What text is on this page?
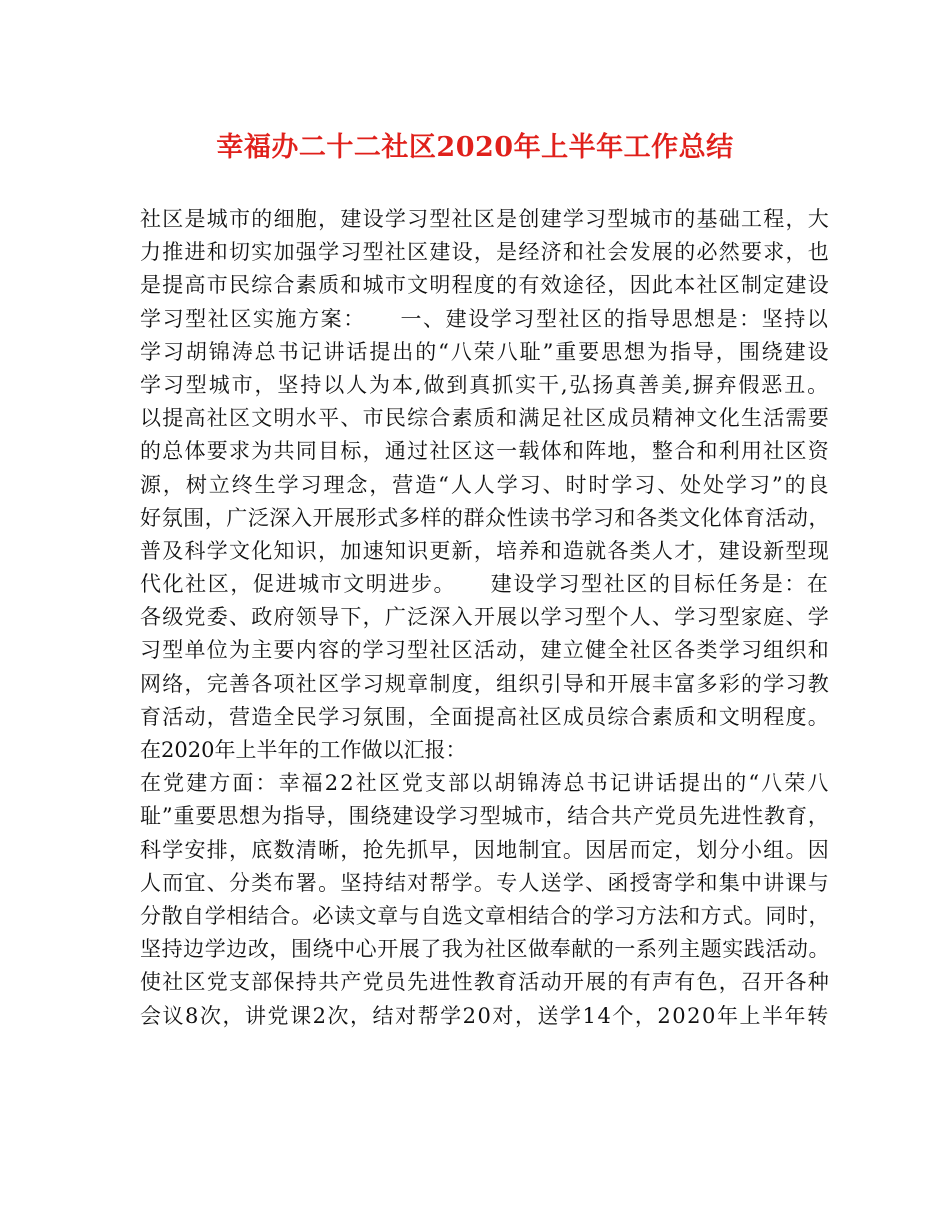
幸福办二十二社区2020年上半年工作总结
社区是城市的细胞，建设学习型社区是创建学习型城市的基础工程，大
力推进和切实加强学习型社区建设，是经济和社会发展的必然要求，也
是提高市民综合素质和城市文明程度的有效途径，因此本社区制定建设
学习型社区实施方案：　　一、建设学习型社区的指导思想是：坚持以
学习胡锦涛总书记讲话提出的“八荣八耻”重要思想为指导，围绕建设
学习型城市，坚持以人为本,做到真抓实干,弘扬真善美,摒弃假恶丑。
以提高社区文明水平、市民综合素质和满足社区成员精神文化生活需要
的总体要求为共同目标，通过社区这一载体和阵地，整合和利用社区资
源，树立终生学习理念，营造“人人学习、时时学习、处处学习”的良
好氛围，广泛深入开展形式多样的群众性读书学习和各类文化体育活动，
普及科学文化知识，加速知识更新，培养和造就各类人才，建设新型现
代化社区，促进城市文明进步。　　建设学习型社区的目标任务是：在
各级党委、政府领导下，广泛深入开展以学习型个人、学习型家庭、学
习型单位为主要内容的学习型社区活动，建立健全社区各类学习组织和
网络，完善各项社区学习规章制度，组织引导和开展丰富多彩的学习教
育活动，营造全民学习氛围，全面提高社区成员综合素质和文明程度。
在2020年上半年的工作做以汇报：
在党建方面：幸福22社区党支部以胡锦涛总书记讲话提出的“八荣八
耻”重要思想为指导，围绕建设学习型城市，结合共产党员先进性教育，
科学安排，底数清晰，抢先抓早，因地制宜。因居而定，划分小组。因
人而宜、分类布署。坚持结对帮学。专人送学、函授寄学和集中讲课与
分散自学相结合。必读文章与自选文章相结合的学习方法和方式。同时，
坚持边学边改，围绕中心开展了我为社区做奉献的一系列主题实践活动。
使社区党支部保持共产党员先进性教育活动开展的有声有色，召开各种
会议8次，讲党课2次，结对帮学20对，送学14个，2020年上半年转
